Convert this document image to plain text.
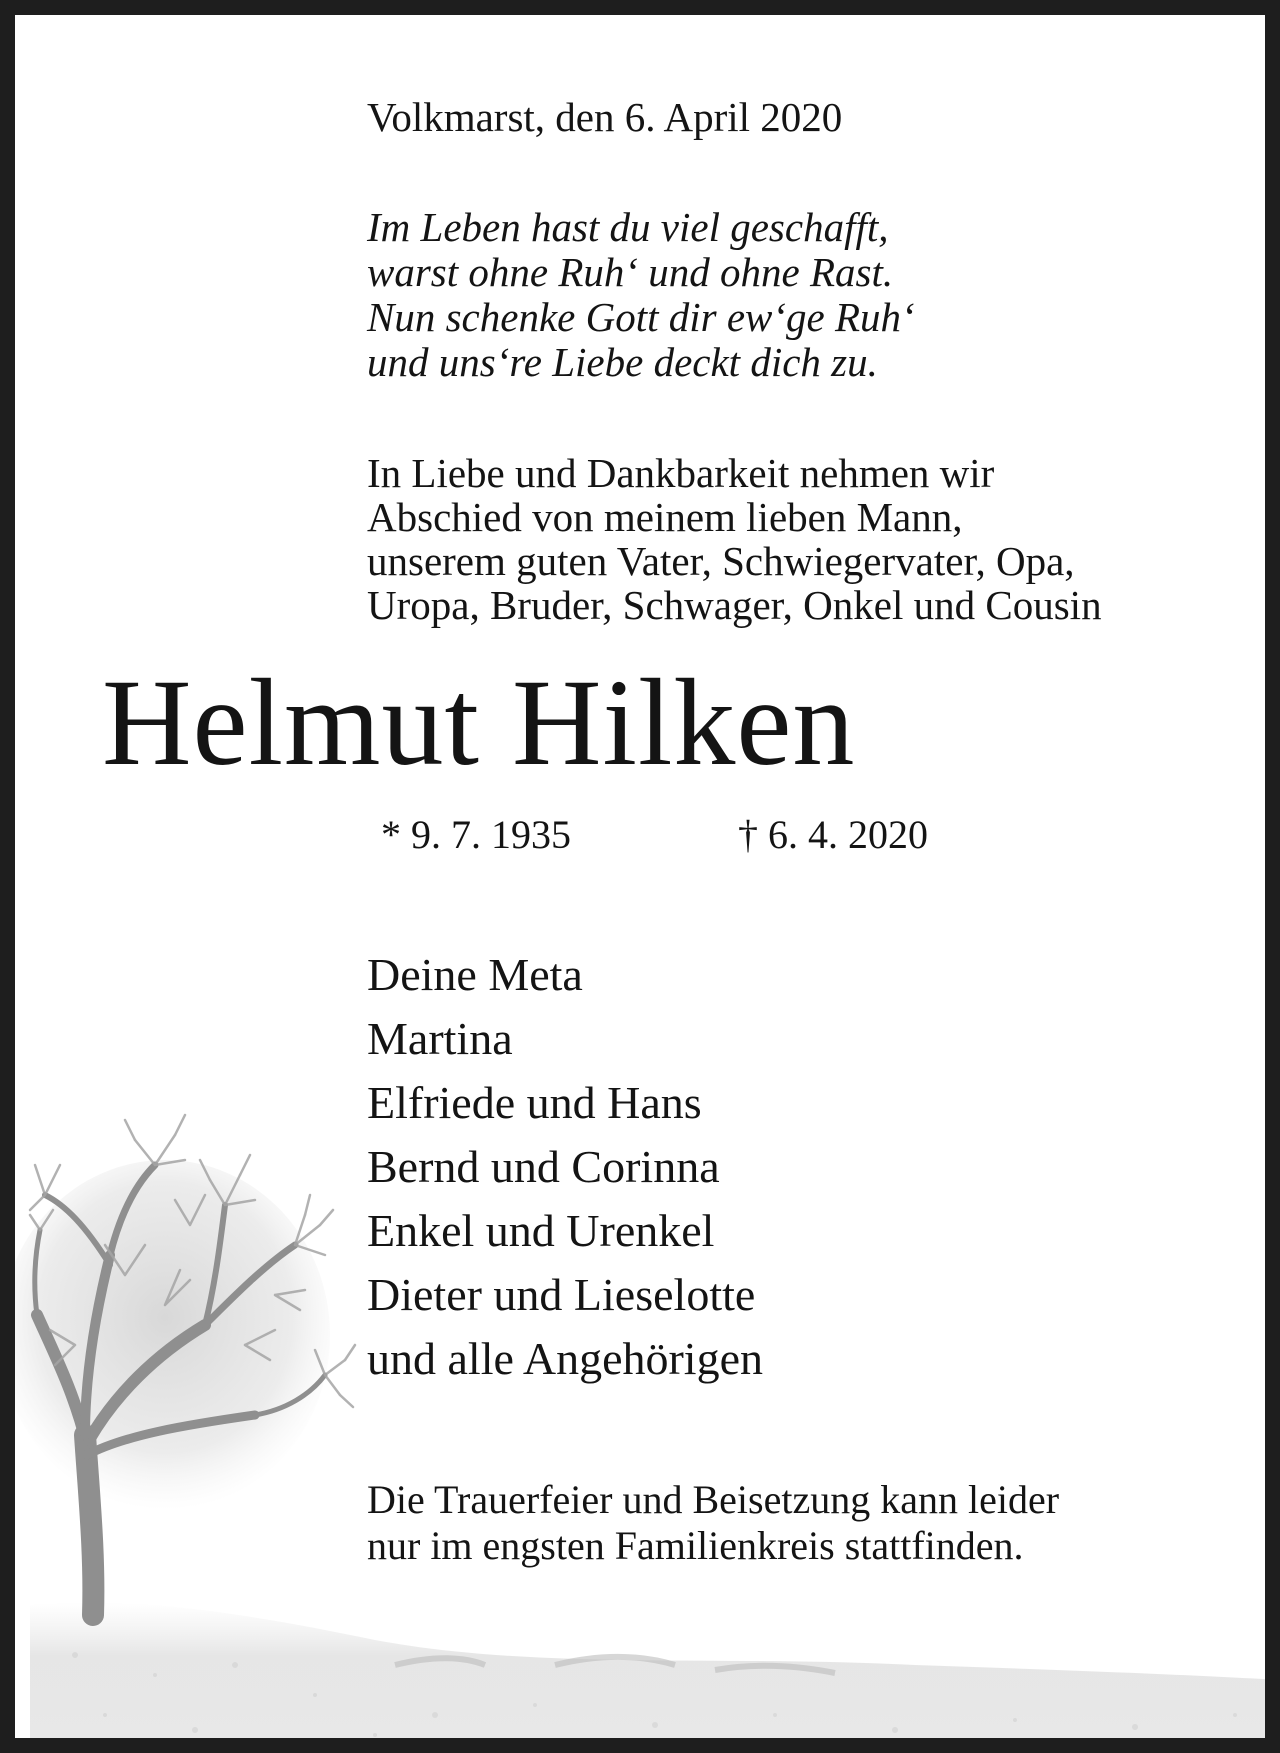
Volkmarst, den 6. April 2020
Im Leben hast du viel geschafft,
warst ohne Ruh‘ und ohne Rast.
Nun schenke Gott dir ew‘ge Ruh‘
und uns‘re Liebe deckt dich zu.
In Liebe und Dankbarkeit nehmen wir
Abschied von meinem lieben Mann,
unserem guten Vater, Schwiegervater, Opa,
Uropa, Bruder, Schwager, Onkel und Cousin
Helmut Hilken
* 9. 7. 1935	† 6. 4. 2020
Deine Meta
Martina
Elfriede und Hans
Bernd und Corinna
Enkel und Urenkel
Dieter und Lieselotte
und alle Angehörigen
Die Trauerfeier und Beisetzung kann leider
nur im engsten Familienkreis stattfinden.
